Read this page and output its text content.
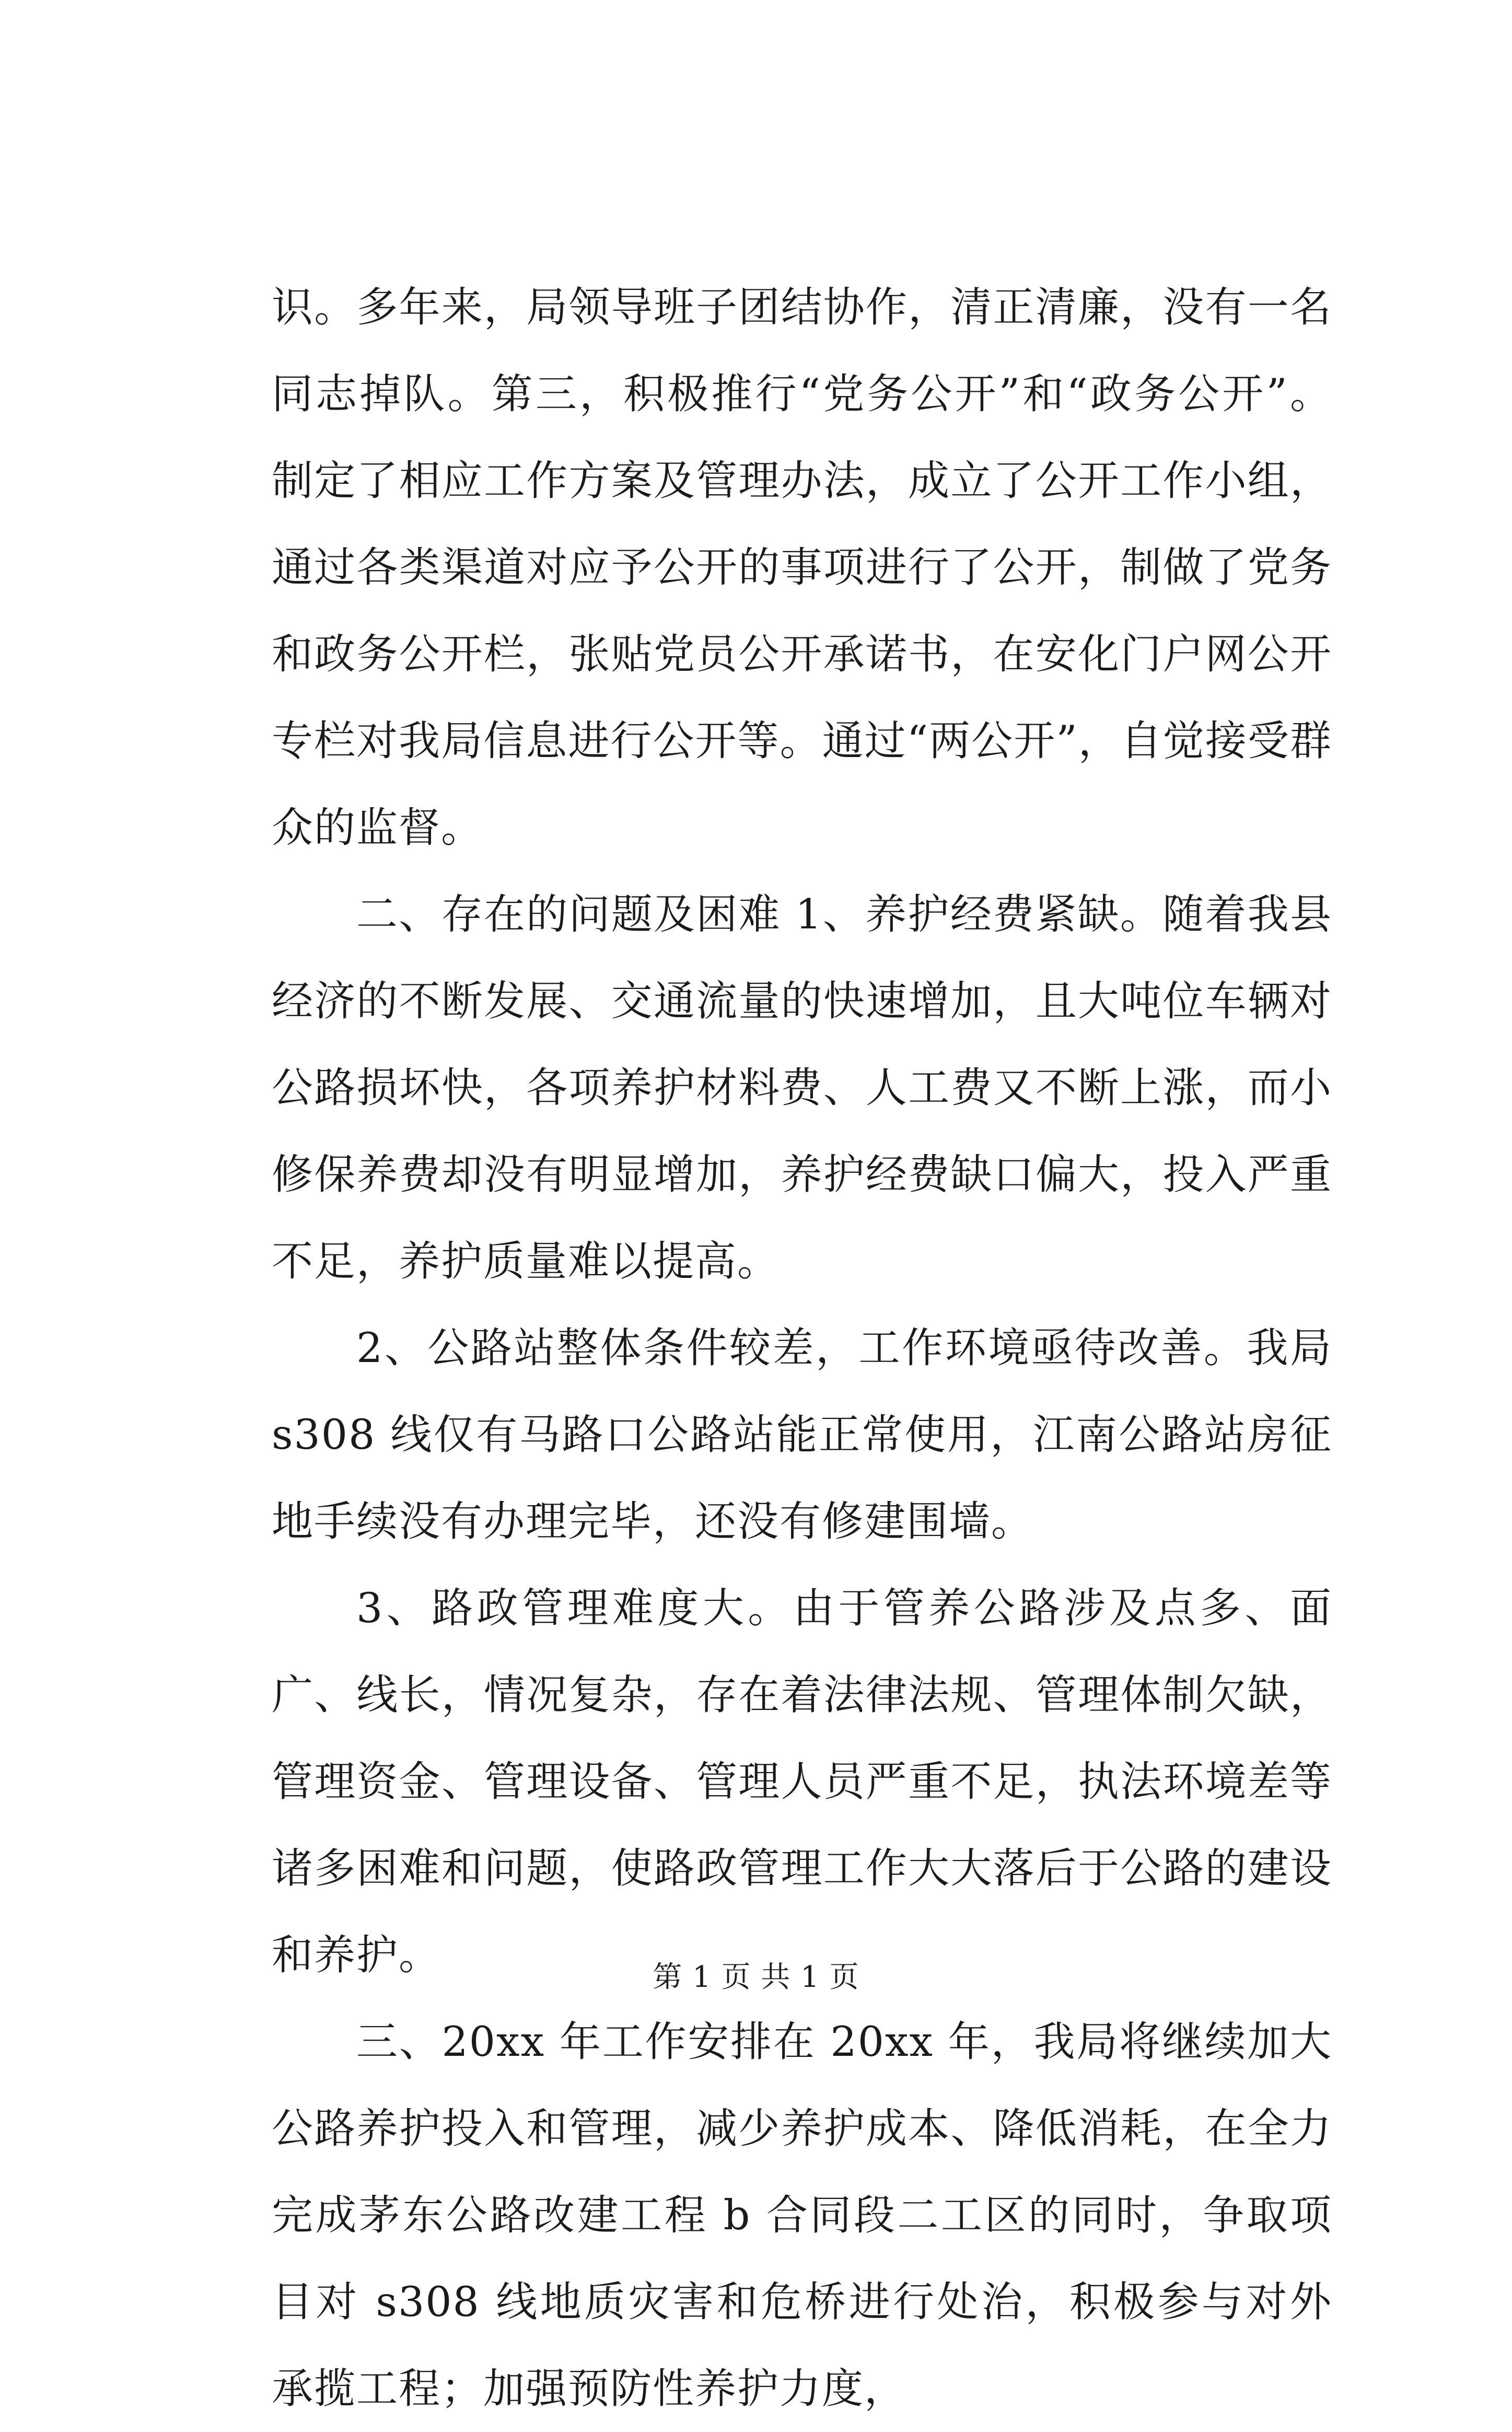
识。多年来，局领导班子团结协作，清正清廉，没有一名同志掉队。第三，积极推行“党务公开”和“政务公开”。制定了相应工作方案及管理办法，成立了公开工作小组，通过各类渠道对应予公开的事项进行了公开，制做了党务和政务公开栏，张贴党员公开承诺书，在安化门户网公开专栏对我局信息进行公开等。通过“两公开”，自觉接受群众的监督。

二、存在的问题及困难 1、养护经费紧缺。随着我县经济的不断发展、交通流量的快速增加，且大吨位车辆对公路损坏快，各项养护材料费、人工费又不断上涨，而小修保养费却没有明显增加，养护经费缺口偏大，投入严重不足，养护质量难以提高。

2、公路站整体条件较差，工作环境亟待改善。我局 s308 线仅有马路口公路站能正常使用，江南公路站房征地手续没有办理完毕，还没有修建围墙。

3、路政管理难度大。由于管养公路涉及点多、面广、线长，情况复杂，存在着法律法规、管理体制欠缺，管理资金、管理设备、管理人员严重不足，执法环境差等诸多困难和问题，使路政管理工作大大落后于公路的建设和养护。

三、20xx 年工作安排在 20xx 年，我局将继续加大公路养护投入和管理，减少养护成本、降低消耗，在全力完成茅东公路改建工程 b 合同段二工区的同时，争取项目对 s308 线地质灾害和危桥进行处治，积极参与对外承揽工程；加强预防性养护力度，

第 1 页 共 1 页
